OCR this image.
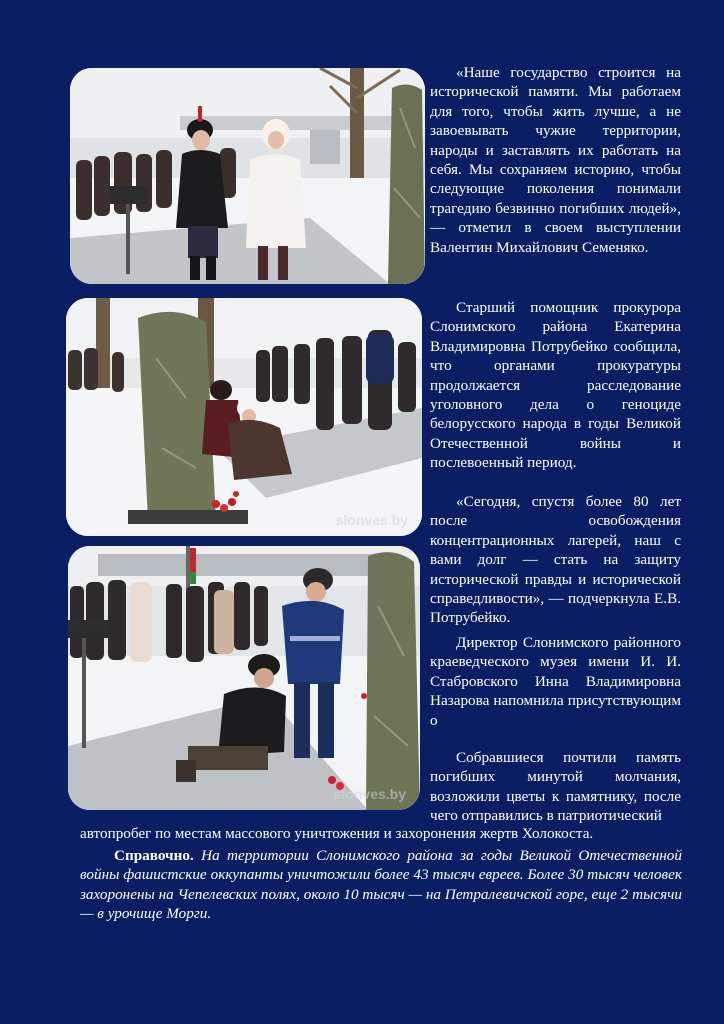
slonves.by
slonves.by

«Наше государство строится на исторической памяти. Мы работаем для того, чтобы жить лучше, а не завоевывать чужие территории, народы и заставлять их работать на себя. Мы сохраняем историю, чтобы следующие поколения понимали трагедию безвинно погибших людей», — отметил в своем выступлении Валентин Михайлович Семеняко.

Старший помощник прокурора Слонимского района Екатерина Владимировна Потрубейко сообщила, что органами прокуратуры продолжается расследование уголовного дела о геноциде белорусского народа в годы Великой Отечественной войны и послевоенный период.

«Сегодня, спустя более 80 лет после освобождения концентрационных лагерей, наш с вами долг — стать на защиту исторической правды и исторической справедливости», — подчеркнула Е.В. Потрубейко.

Директор Слонимского районного краеведческого музея имени И. И. Стабровского Инна Владимировна Назарова напомнила присутствующим о

Собравшиеся почтили память погибших минутой молчания, возложили цветы к памятнику, после чего отправились в патриотический

автопробег по местам массового уничтожения и захоронения жертв Холокоста.

Справочно. На территории Слонимского района за годы Великой Отечественной войны фашистские оккупанты уничтожили более 43 тысяч евреев. Более 30 тысяч человек захоронены на Чепелевских полях, около 10 тысяч — на Петралевичской горе, еще 2 тысячи — в урочище Морги.
